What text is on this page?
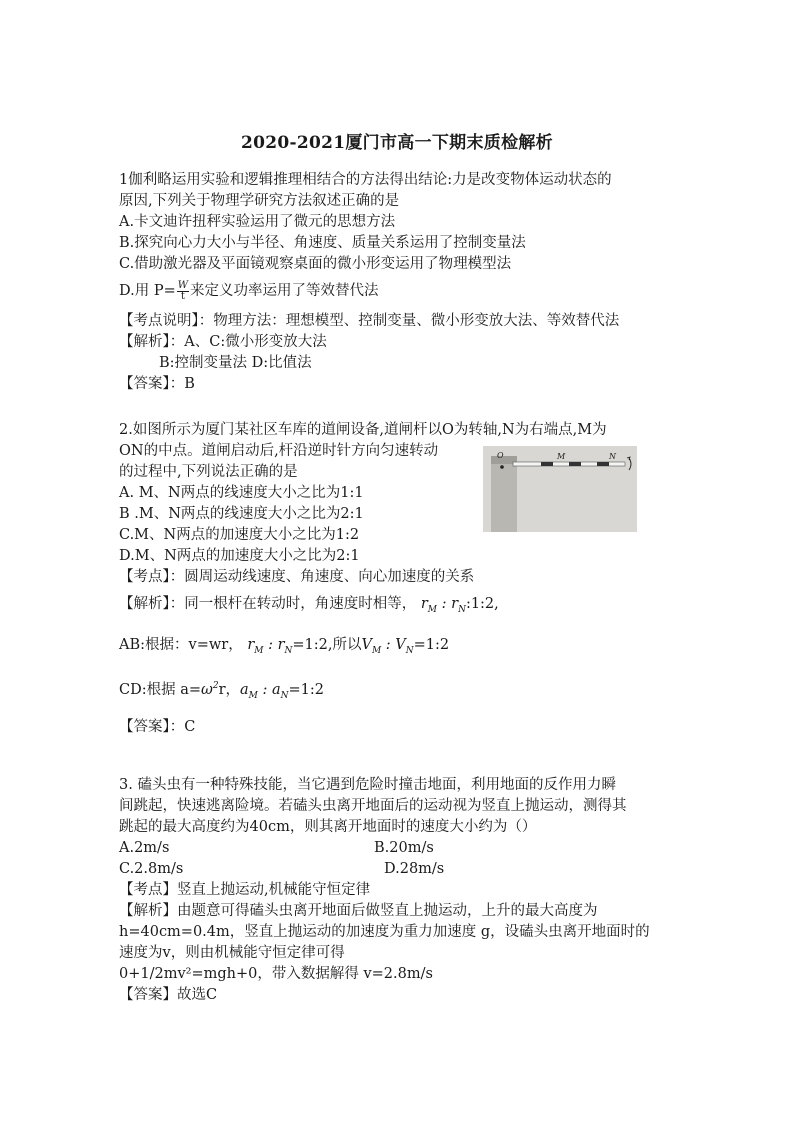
2020-2021厦门市高一下期末质检解析
1伽利略运用实验和逻辑推理相结合的方法得出结论:力是改变物体运动状态的
原因,下列关于物理学研究方法叙述正确的是
A.卡文迪许扭秤实验运用了微元的思想方法
B.探究向心力大小与半径、角速度、质量关系运用了控制变量法
C.借助激光器及平面镜观察桌面的微小形变运用了物理模型法
D.用 $P= \frac{W}{t}$ 来定义功率运用了等效替代法
【考点说明】：物理方法：理想模型、控制变量、微小形变放大法、等效替代法
【解析】：A、C:微小形变放大法
B:控制变量法 D:比值法
【答案】：B
2.如图所示为厦门某社区车库的道闸设备,道闸杆以O为转轴,N为右端点,M为
ON的中点。道闸启动后,杆沿逆时针方向匀速转动
的过程中,下列说法正确的是
A. M、N两点的线速度大小之比为1:1
B .M、N两点的线速度大小之比为2:1
C.M、N两点的加速度大小之比为1:2
D.M、N两点的加速度大小之比为2:1
【考点】：圆周运动线速度、角速度、向心加速度的关系
【解析】：同一根杆在转动时，角速度时相等， $r_M$ : $r_N:1:2$,
AB:根据：v=wr， $r_M$ : $r_N=1:2$,所以$V_M$ : $V_N=1:2$
CD:根据 $a=\omega^2r$，$a_M$ : $a_N=1:2$
【答案】：C
O	M	N
3. 磕头虫有一种特殊技能，当它遇到危险时撞击地面，利用地面的反作用力瞬
间跳起，快速逃离险境。若磕头虫离开地面后的运动视为竖直上抛运动，测得其
跳起的最大高度约为40cm，则其离开地面时的速度大小约为（）
A.2m/s	B.20m/s
C.2.8m/s	D.28m/s
【考点】竖直上抛运动,机械能守恒定律
【解析】由题意可得磕头虫离开地面后做竖直上抛运动，上升的最大高度为
h=40cm=0.4m，竖直上抛运动的加速度为重力加速度 g，设磕头虫离开地面时的
速度为v，则由机械能守恒定律可得
0+1/2mv²=mgh+0，带入数据解得 v=2.8m/s
【答案】故选C
